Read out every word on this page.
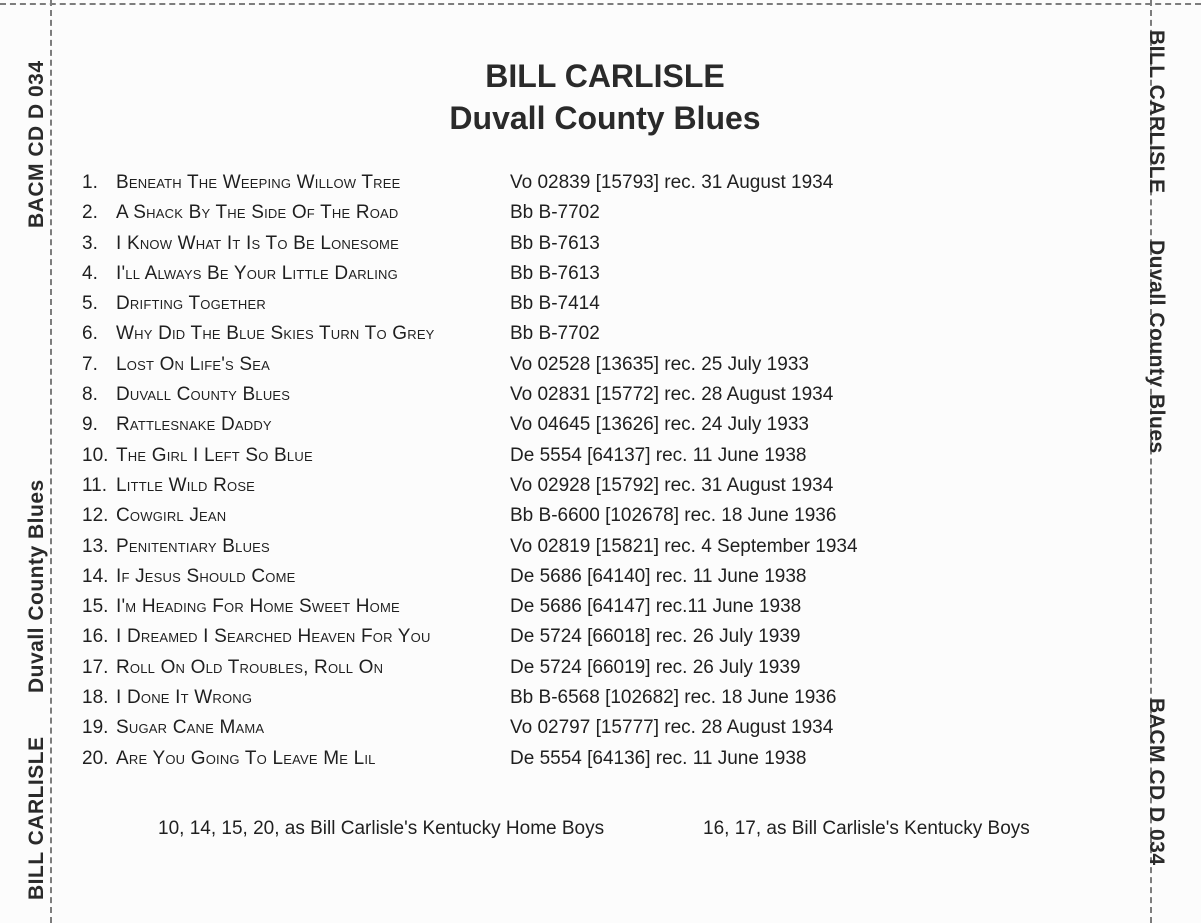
BILL CARLISLE
Duvall County Blues
BACM CD D 034	BILL CARLISLE
Duvall County Blues
BACM CD D 034
BILL CARLISLE
Duvall County Blues
1. Beneath The Weeping Willow Tree	Vo 02839 [15793] rec. 31 August 1934
2. A Shack By The Side Of The Road	Bb B-7702
3. I Know What It Is To Be Lonesome	Bb B-7613
4. I'll Always Be Your Little Darling	Bb B-7613
5. Drifting Together	Bb B-7414
6. Why Did The Blue Skies Turn To Grey	Bb B-7702
7. Lost On Life's Sea	Vo 02528 [13635] rec. 25 July 1933
8. Duvall County Blues	Vo 02831 [15772] rec. 28 August 1934
9. Rattlesnake Daddy	Vo 04645 [13626] rec. 24 July 1933
10. The Girl I Left So Blue	De 5554 [64137] rec. 11 June 1938
11. Little Wild Rose	Vo 02928 [15792] rec. 31 August 1934
12. Cowgirl Jean	Bb B-6600 [102678] rec. 18 June 1936
13. Penitentiary Blues	Vo 02819 [15821] rec. 4 September 1934
14. If Jesus Should Come	De 5686 [64140] rec. 11 June 1938
15. I'm Heading For Home Sweet Home	De 5686 [64147] rec.11 June 1938
16. I Dreamed I Searched Heaven For You	De 5724 [66018] rec. 26 July 1939
17. Roll On Old Troubles, Roll On	De 5724 [66019] rec. 26 July 1939
18. I Done It Wrong	Bb B-6568 [102682] rec. 18 June 1936
19. Sugar Cane Mama	Vo 02797 [15777] rec. 28 August 1934
20. Are You Going To Leave Me Lil	De 5554 [64136] rec. 11 June 1938
10, 14, 15, 20, as Bill Carlisle's Kentucky Home Boys	16, 17, as Bill Carlisle's Kentucky Boys
